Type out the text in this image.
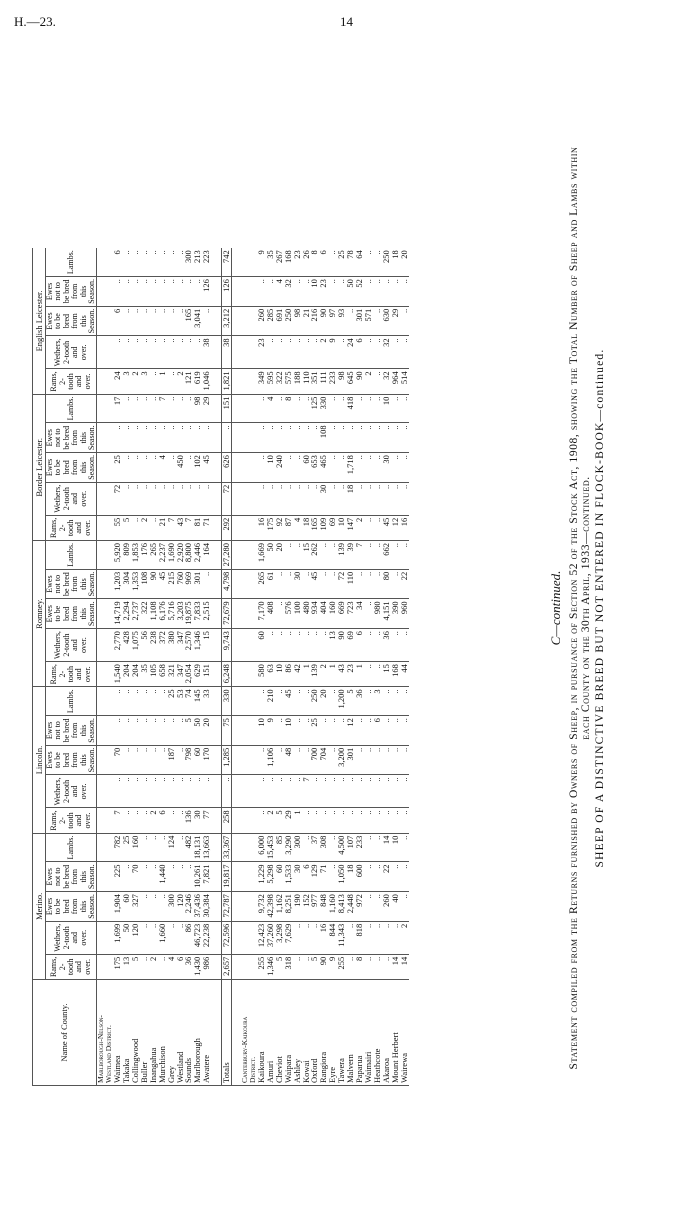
H.—23.	14
C—continued. Statement compiled from the Returns furnished by Owners of Sheep, in pursuance of Section 52 of the Stock Act, 1908, showing the Total Number of Sheep and Lambs within each County on the 30th April, 1933—continued. SHEEP OF A DISTINCTIVE BREED BUT NOT ENTERED IN FLOCK-BOOK—continued.
Name of County.	Merino.					Lincoln.					Romney.					Border Leicester.					English Leicester.				
	Rams, 2-tooth and over.	Wethers, 2-tooth and over.	Ewes to be bred from this Season.	Ewes not to be bred from this Season.	Lambs.	Rams, 2-tooth and over.	Wethers, 2-tooth and over.	Ewes to be bred from this Season.	Ewes not to be bred from this Season.	Lambs.	Rams, 2-tooth and over.	Wethers, 2-tooth and over.	Ewes to be bred from this Season.	Ewes not to be bred from this Season.	Lambs.	Rams, 2-tooth and over.	Wethers, 2-tooth and over.	Ewes to be bred from this Season.	Ewes not to be bred from this Season.	Lambs.	Rams, 2-tooth and over.	Wethers, 2-tooth and over.	Ewes to be bred from this Season.	Ewes not to be bred from this Season.	Lambs.
Marlborough-Nelson-																									
Westland District.																									
Waimea	175	1,699	1,904	225	782	7	..	70	..	..	1,540	2,770	14,719	1,203	5,920	55	72	25	..	17	24	..	6	..	6
Takaka	13	50	60	..	25	..	..	..	..	..	204	428	2,294	304	809	5	..	..	..	..	3	..	..	..	..
Collingwood	5	120	327	70	160	..	..	..	..	..	204	1,075	2,737	1,353	1,853	..	..	..	..	..	2	..	..	..	..
Buller	..	..	..	..	..	..	..	..	..	..	35	56	322	108	176	2	..	..	..	..	3	..	..	..	..
Inangahua	2	..	..	..	..	2	..	..	..	..	105	238	1,108	90	265	..	..	..	..	..	..	..	..	..	..
Murchison	..	1,660	..	1,440	..	6	..	..	..	..	658	372	6,176	45	2,237	21	..	4	..	7	1	..	..	..	..
Grey	4	..	300	..	124	..	..	187	..	25	321	380	5,716	215	1,690	7	..	..	..	..	..	..	..	..	..
Westland	6	..	120	..	..	..	..	..	..	53	347	347	3,203	760	2,920	43	..	450	..	..	2	..	..	..	..
Sounds	36	86	2,246	..	482	136	..	798	5	74	2,054	2,570	19,875	969	8,800	7	..	..	..	..	121	..	165	..	300
Marlborough	1,430	46,723	37,436	10,261	18,131	30	..	60	50	145	629	1,346	7,833	301	2,446	81	..	102	..	98	619	..	3,041	..	213
Awatere	986	22,238	30,384	7,821	13,663	77	..	170	20	33	151	15	2,515	..	164	71	..	45	..	29	1,046	38	..	126	223

Totals	2,657	72,596	72,787	19,817	33,367	258	..	1,285	75	330	6,248	9,743	72,679	4,798	27,280	292	72	626	..	151	1,821	38	3,212	126	742

Canterbury-Kaikoura																									
District.																									
Kaikoura	255	12,423	9,732	1,229	6,000	..	..	..	10	..	580	60	7,170	265	1,669	16	..	..	..	..	349	23	260	..	9
Amuri	1,346	37,260	42,398	5,298	15,453	2	..	1,106	9	210	63	..	408	61	50	175	..	10	..	4	595	..	285	..	35
Cheviot	5	3,298	1,162	60	85	5	..	..	..	..	10	..	..	..	20	92	..	240	..	..	322	..	691	4	267
Waipara	318	7,629	8,251	1,533	3,290	29	..	48	10	45	86	..	576	..	..	87	..	..	..	8	575	..	250	32	168
Ashley	..	..	190	30	300	1	..	..	..	..	42	..	100	30	..	4	..	..	..	..	188	..	98	..	23
Kowai	..	..	152	6	..	..	7	..	..	..	1	..	480	..	15	18	..	60	..	..	110	..	21	..	26
Oxford	5	..	977	129	37	..	..	700	25	250	139	..	934	45	262	165	..	653	..	125	351	..	216	10	8
Rangiora	90	16	848	71	308	..	..	704	..	20	2	..	404	..	..	109	30	465	108	330	111	2	90	23	6
Eyre	9	844	1,160	..	..	..	..	..	..	..	1	13	160	..	..	69	..	..	..	..	233	9	97	..	..
Tawera	255	11,343	8,413	1,050	4,500	..	..	3,200	..	1,200	43	90	669	72	139	10	..	..	..	..	98	..	93	..	25
Malvern	..	..	2,448	18	107	..	..	301	12	5	23	69	723	110	39	147	18	1,718	..	418	645	24	..	50	78
Paparua	8	818	972	600	233	..	..	..	..	36	1	6	34	..	7	2	..	..	..	..	90	6	301	52	64
Waimairi	..	..	..	..	..	..	..	..	..	..	..	..	..	..	..	..	..	..	..	..	2	..	571	..	..
Heathcote	..	..	..	..	..	..	..	..	6	3	..	..	980	..	..	..	..	..	..	..	..	..	..	..	..
Akaroa	..	..	260	22	14	..	..	..	..	..	15	36	4,151	80	662	45	..	30	..	10	32	32	630	..	250
Mount Herbert	14	..	40	..	10	..	..	..	..	..	168	..	390	..	..	12	..	..	..	..	964	..	29	..	18
Wairewa	14	2	..	..	..	..	..	..	..	..	44	..	960	22	..	16	..	..	..	..	514	..	..	..	20
